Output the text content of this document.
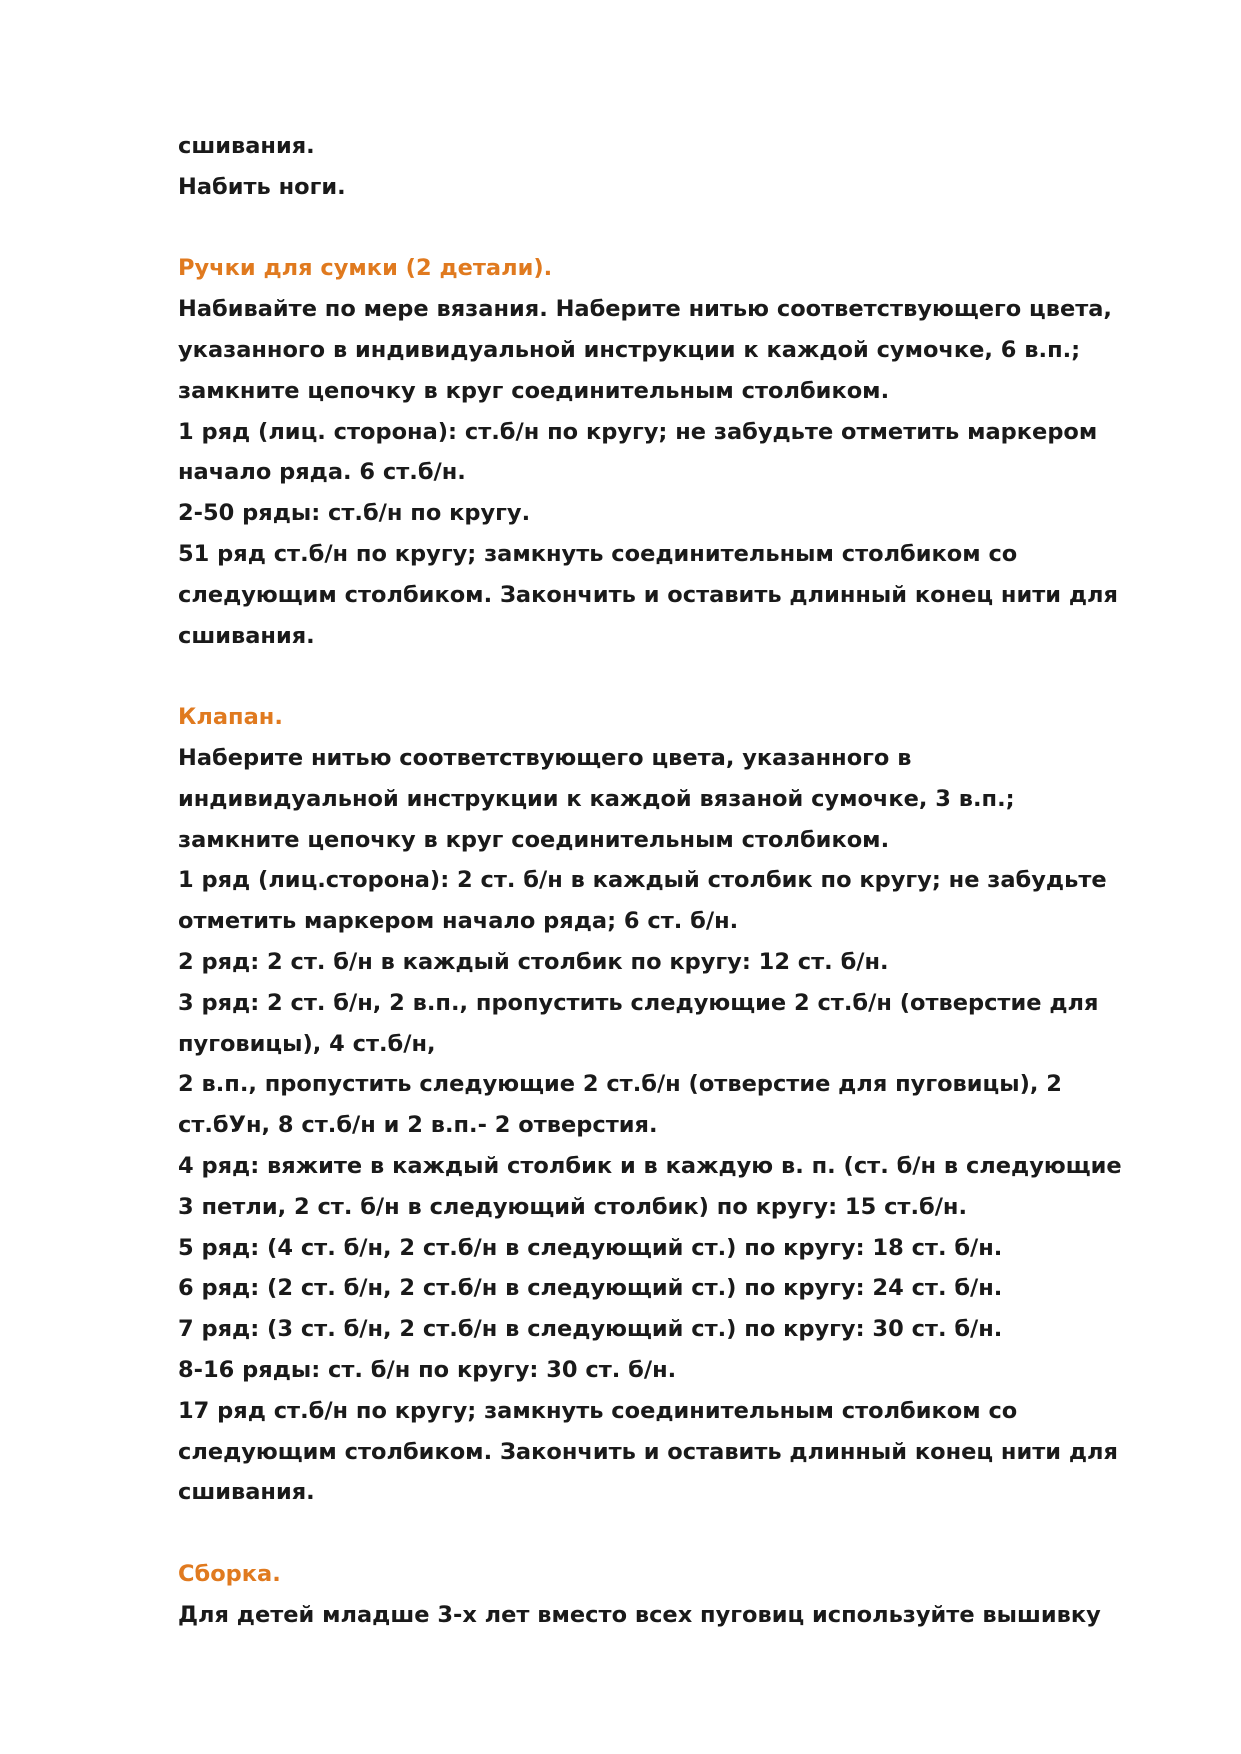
сшивания.
Набить ноги.
Ручки для сумки (2 детали).
Набивайте по мере вязания. Наберите нитью соответствующего цвета,
указанного в индивидуальной инструкции к каждой сумочке, 6 в.п.;
замкните цепочку в круг соединительным столбиком.
1 ряд (лиц. сторона): ст.б/н по кругу; не забудьте отметить маркером
начало ряда. 6 ст.б/н.
2-50 ряды: ст.б/н по кругу.
51 ряд ст.б/н по кругу; замкнуть соединительным столбиком со
следующим столбиком. Закончить и оставить длинный конец нити для
сшивания.
Клапан.
Наберите нитью соответствующего цвета, указанного в
индивидуальной инструкции к каждой вязаной сумочке, 3 в.п.;
замкните цепочку в круг соединительным столбиком.
1 ряд (лиц.сторона): 2 ст. б/н в каждый столбик по кругу; не забудьте
отметить маркером начало ряда; 6 ст. б/н.
2 ряд: 2 ст. б/н в каждый столбик по кругу: 12 ст. б/н.
3 ряд: 2 ст. б/н, 2 в.п., пропустить следующие 2 ст.б/н (отверстие для
пуговицы), 4 ст.б/н,
2 в.п., пропустить следующие 2 ст.б/н (отверстие для пуговицы), 2
ст.бУн, 8 ст.б/н и 2 в.п.- 2 отверстия.
4 ряд: вяжите в каждый столбик и в каждую в. п. (ст. б/н в следующие
3 петли, 2 ст. б/н в следующий столбик) по кругу: 15 ст.б/н.
5 ряд: (4 ст. б/н, 2 ст.б/н в следующий ст.) по кругу: 18 ст. б/н.
6 ряд: (2 ст. б/н, 2 ст.б/н в следующий ст.) по кругу: 24 ст. б/н.
7 ряд: (3 ст. б/н, 2 ст.б/н в следующий ст.) по кругу: 30 ст. б/н.
8-16 ряды: ст. б/н по кругу: 30 ст. б/н.
17 ряд ст.б/н по кругу; замкнуть соединительным столбиком со
следующим столбиком. Закончить и оставить длинный конец нити для
сшивания.
Сборка.
Для детей младше 3-х лет вместо всех пуговиц используйте вышивку
